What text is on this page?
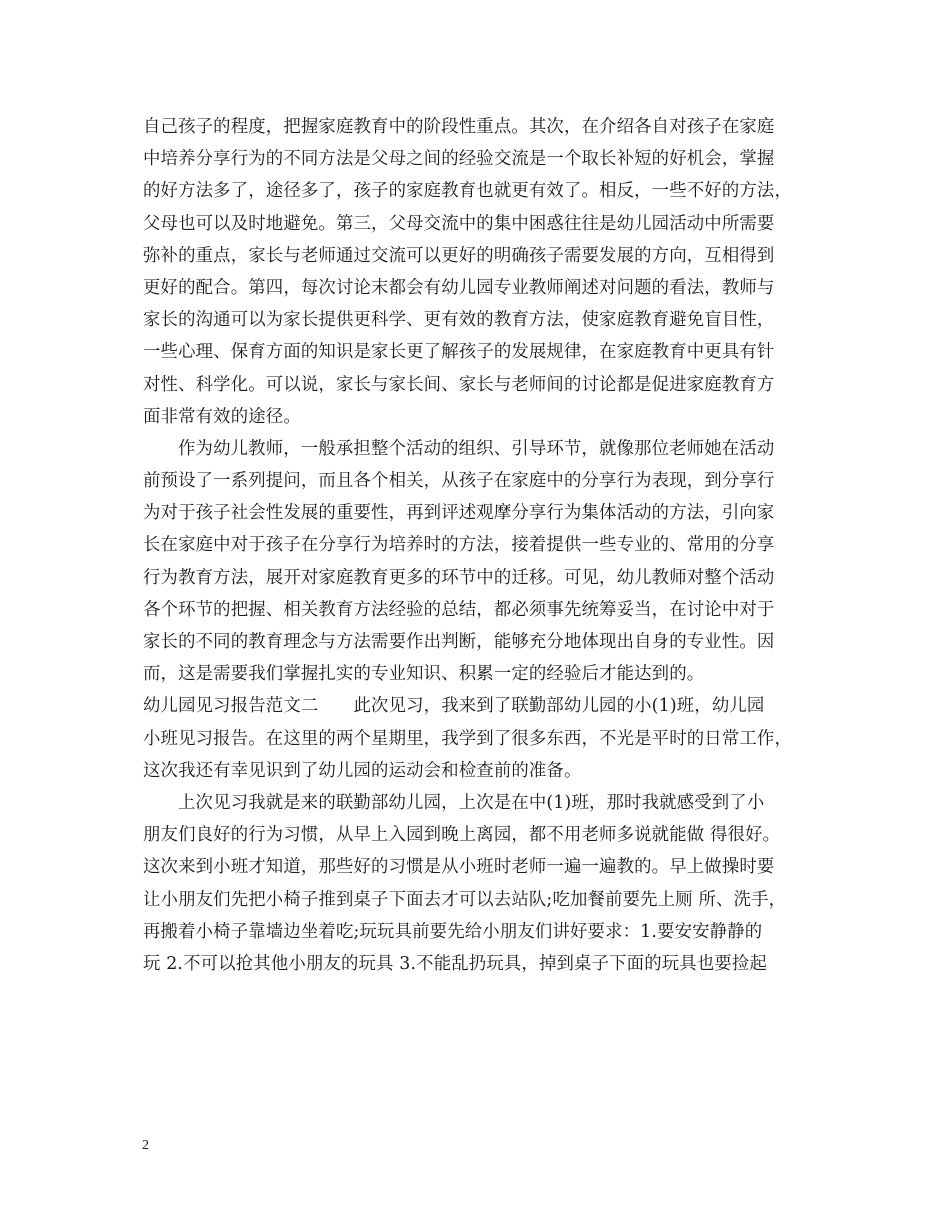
自己孩子的程度，把握家庭教育中的阶段性重点。其次，在介绍各自对孩子在家庭
中培养分享行为的不同方法是父母之间的经验交流是一个取长补短的好机会，掌握
的好方法多了，途径多了，孩子的家庭教育也就更有效了。相反，一些不好的方法，
父母也可以及时地避免。第三，父母交流中的集中困惑往往是幼儿园活动中所需要
弥补的重点，家长与老师通过交流可以更好的明确孩子需要发展的方向，互相得到
更好的配合。第四，每次讨论末都会有幼儿园专业教师阐述对问题的看法，教师与
家长的沟通可以为家长提供更科学、更有效的教育方法，使家庭教育避免盲目性，
一些心理、保育方面的知识是家长更了解孩子的发展规律，在家庭教育中更具有针
对性、科学化。可以说，家长与家长间、家长与老师间的讨论都是促进家庭教育方
面非常有效的途径。
作为幼儿教师，一般承担整个活动的组织、引导环节，就像那位老师她在活动
前预设了一系列提问，而且各个相关，从孩子在家庭中的分享行为表现，到分享行
为对于孩子社会性发展的重要性，再到评述观摩分享行为集体活动的方法，引向家
长在家庭中对于孩子在分享行为培养时的方法，接着提供一些专业的、常用的分享
行为教育方法，展开对家庭教育更多的环节中的迁移。可见，幼儿教师对整个活动
各个环节的把握、相关教育方法经验的总结，都必须事先统筹妥当，在讨论中对于
家长的不同的教育理念与方法需要作出判断，能够充分地体现出自身的专业性。因
而，这是需要我们掌握扎实的专业知识、积累一定的经验后才能达到的。
幼儿园见习报告范文二　　此次见习，我来到了联勤部幼儿园的小(1)班，幼儿园
小班见习报告。在这里的两个星期里，我学到了很多东西，不光是平时的日常工作，
这次我还有幸见识到了幼儿园的运动会和检查前的准备。
上次见习我就是来的联勤部幼儿园，上次是在中(1)班，那时我就感受到了小
朋友们良好的行为习惯，从早上入园到晚上离园，都不用老师多说就能做 得很好。
这次来到小班才知道，那些好的习惯是从小班时老师一遍一遍教的。早上做操时要
让小朋友们先把小椅子推到桌子下面去才可以去站队;吃加餐前要先上厕 所、洗手，
再搬着小椅子靠墙边坐着吃;玩玩具前要先给小朋友们讲好要求：1.要安安静静的
玩 2.不可以抢其他小朋友的玩具 3.不能乱扔玩具，掉到桌子下面的玩具也要捡起
2
